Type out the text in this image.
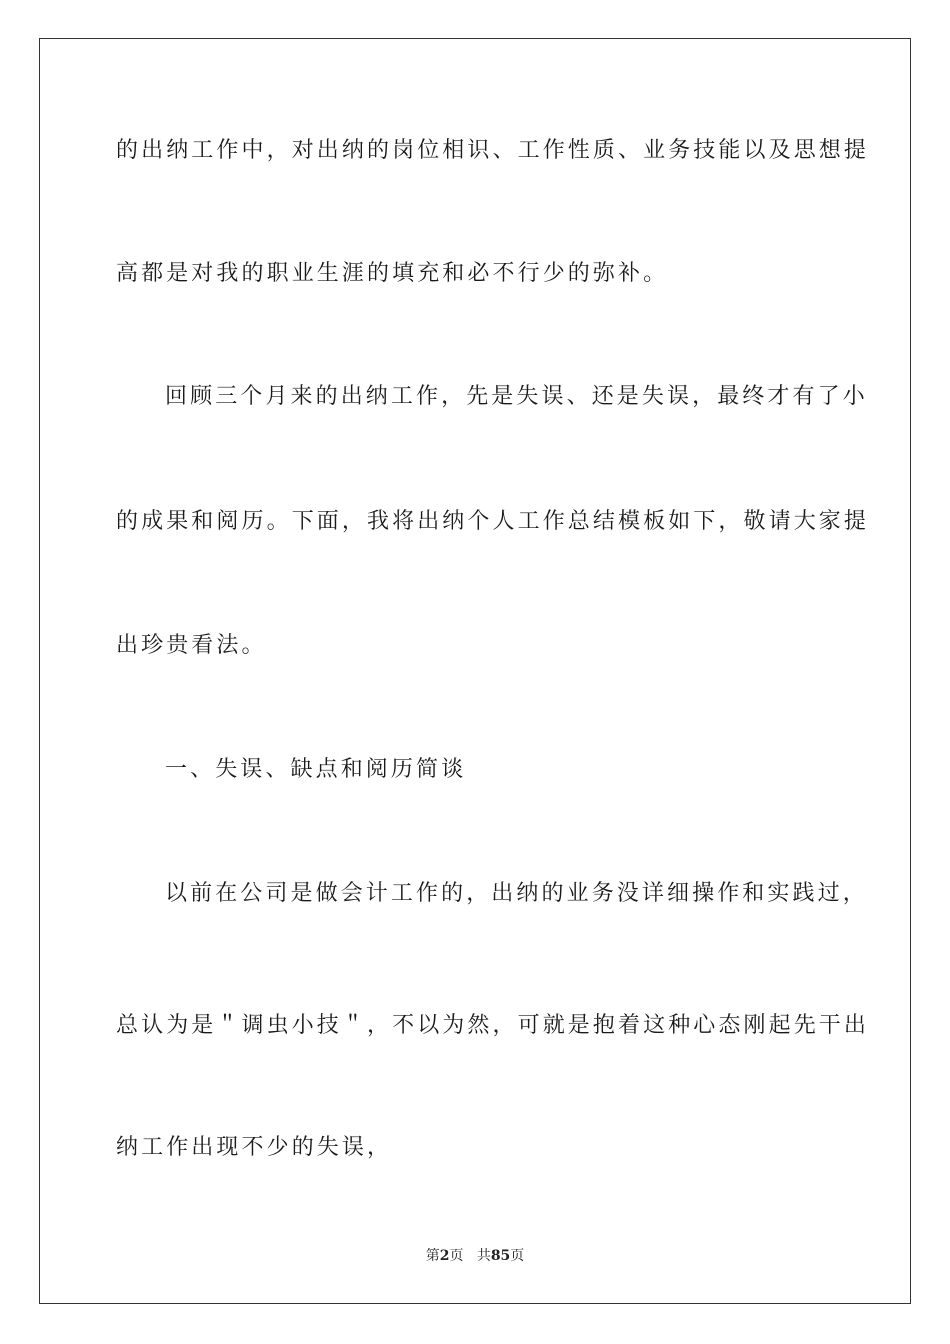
的出纳工作中，对出纳的岗位相识、工作性质、业务技能以及思想提
高都是对我的职业生涯的填充和必不行少的弥补。
回顾三个月来的出纳工作，先是失误、还是失误，最终才有了小
的成果和阅历。下面，我将出纳个人工作总结模板如下，敬请大家提
出珍贵看法。
一、失误、缺点和阅历简谈
以前在公司是做会计工作的，出纳的业务没详细操作和实践过，
总认为是＂调虫小技＂，不以为然，可就是抱着这种心态刚起先干出
纳工作出现不少的失误，
第2页 共85页
